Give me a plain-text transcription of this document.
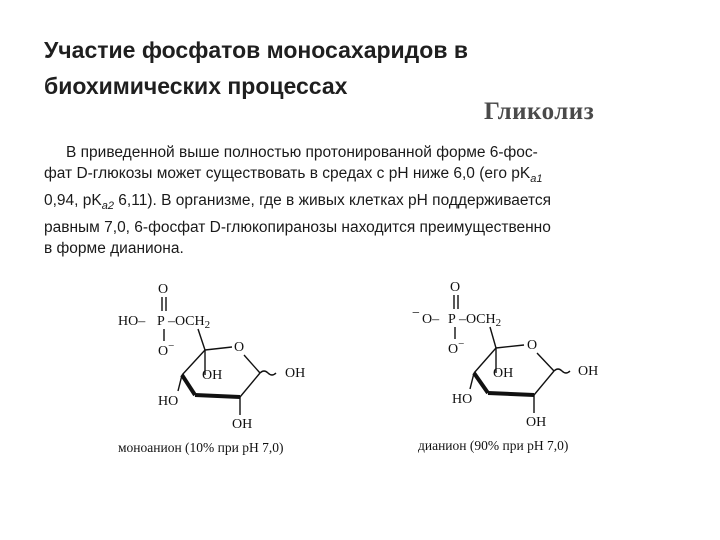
Участие фосфатов моносахаридов в биохимических процессах
Гликолиз
В приведенной выше полностью протонированной форме 6-фос-
фат D-глюкозы может существовать в средах с pH ниже 6,0 (его $pK_{a1}$
0,94, $pK_{a2}$ 6,11). В организме, где в живых клетках pH поддерживается
равным 7,0, 6-фосфат D-глюкопиранозы находится преимущественно
в форме дианиона.
O
HO– P $-OCH_2$
O−	O
OH	OH
HO
OH
моноанион (10% при pH 7,0)
O
− O– P $-OCH_2$
O−	O
OH	OH
HO
OH
дианион (90% при pH 7,0)
